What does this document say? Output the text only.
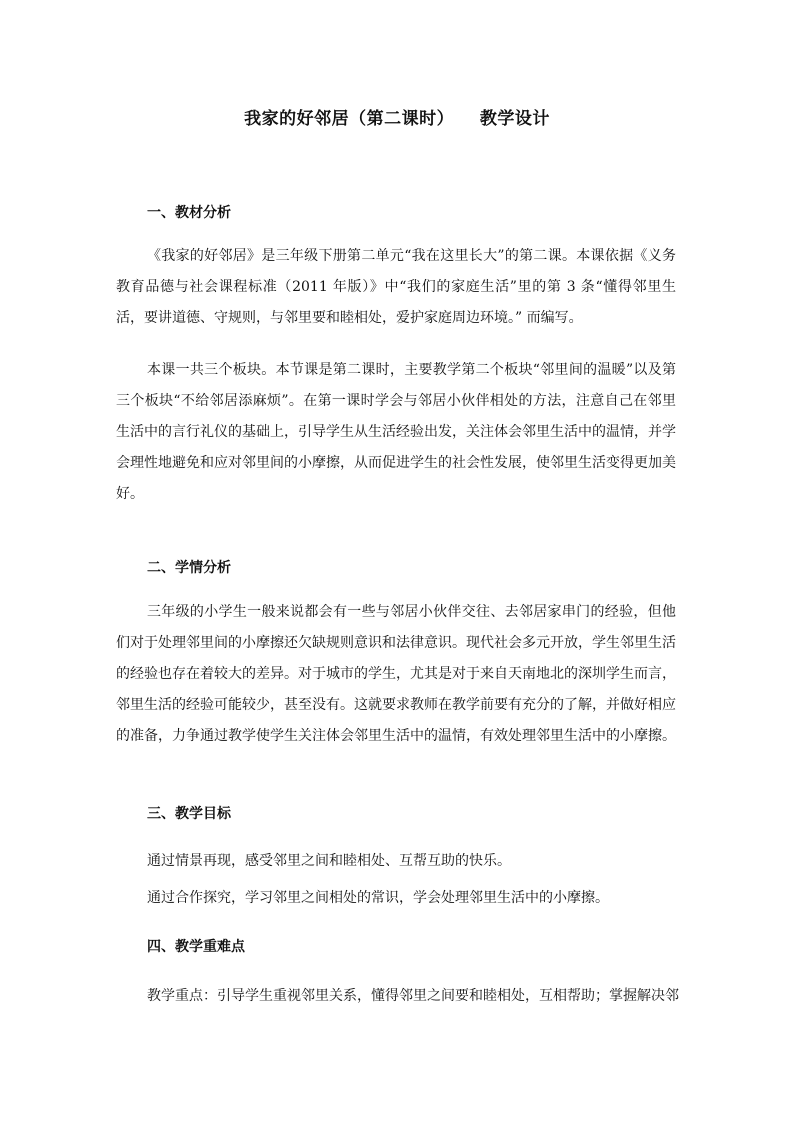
我家的好邻居（第二课时）    教学设计
一、教材分析

《我家的好邻居》是三年级下册第二单元“我在这里长大”的第二课。本课依据《义务教育品德与社会课程标准（2011 年版）》中“我们的家庭生活”里的第 3 条“懂得邻里生活，要讲道德、守规则，与邻里要和睦相处，爱护家庭周边环境。” 而编写。

本课一共三个板块。本节课是第二课时，主要教学第二个板块“邻里间的温暖”以及第三个板块“不给邻居添麻烦”。在第一课时学会与邻居小伙伴相处的方法，注意自己在邻里生活中的言行礼仪的基础上，引导学生从生活经验出发，关注体会邻里生活中的温情，并学会理性地避免和应对邻里间的小摩擦，从而促进学生的社会性发展，使邻里生活变得更加美好。

二、学情分析

三年级的小学生一般来说都会有一些与邻居小伙伴交往、去邻居家串门的经验，但他们对于处理邻里间的小摩擦还欠缺规则意识和法律意识。现代社会多元开放，学生邻里生活的经验也存在着较大的差异。对于城市的学生，尤其是对于来自天南地北的深圳学生而言，邻里生活的经验可能较少，甚至没有。这就要求教师在教学前要有充分的了解，并做好相应的准备，力争通过教学使学生关注体会邻里生活中的温情，有效处理邻里生活中的小摩擦。

三、教学目标
通过情景再现，感受邻里之间和睦相处、互帮互助的快乐。
通过合作探究，学习邻里之间相处的常识，学会处理邻里生活中的小摩擦。
四、教学重难点
教学重点：引导学生重视邻里关系，懂得邻里之间要和睦相处，互相帮助；掌握解决邻
